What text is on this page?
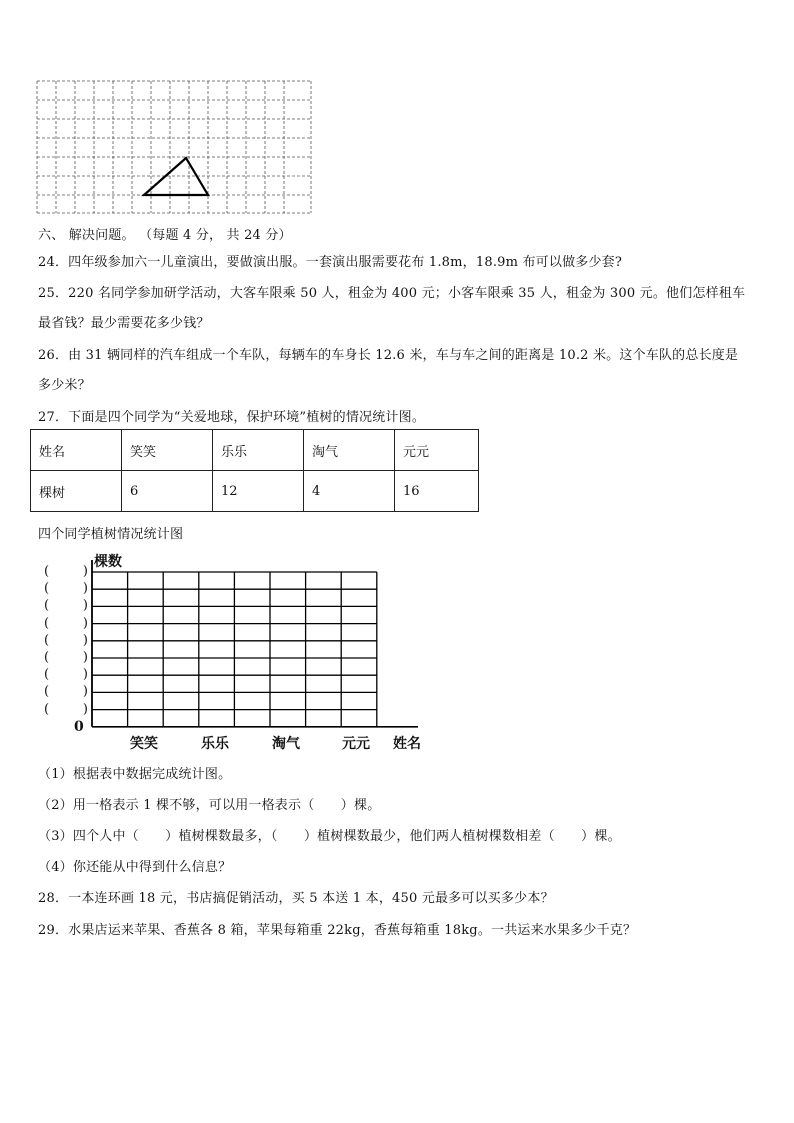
六、 解决问题。 （每题 4 分， 共 24 分）
24．四年级参加六一儿童演出，要做演出服。一套演出服需要花布 1.8m，18.9m 布可以做多少套?
25．220 名同学参加研学活动，大客车限乘 50 人，租金为 400 元；小客车限乘 35 人，租金为 300 元。他们怎样租车
最省钱？最少需要花多少钱？
26．由 31 辆同样的汽车组成一个车队，每辆车的车身长 12.6 米，车与车之间的距离是 10.2 米。这个车队的总长度是
多少米？
27．下面是四个同学为“关爱地球，保护环境”植树的情况统计图。
姓名	笑笑	乐乐	淘气	元元
棵树	6	12	4	16
四个同学植树情况统计图
棵数
(	)
(	)
(	)
(	)
(	)
(	)
(	)
(	)
(	)
0
笑笑	乐乐	淘气	元元 姓名
（1）根据表中数据完成统计图。
（2）用一格表示 1 棵不够，可以用一格表示（　　）棵。
（3）四个人中（　　）植树棵数最多，（　　）植树棵数最少，他们两人植树棵数相差（　　）棵。
（4）你还能从中得到什么信息？
28．一本连环画 18 元，书店搞促销活动，买 5 本送 1 本，450 元最多可以买多少本？
29．水果店运来苹果、香蕉各 8 箱，苹果每箱重 22kg，香蕉每箱重 18kg。一共运来水果多少千克？
